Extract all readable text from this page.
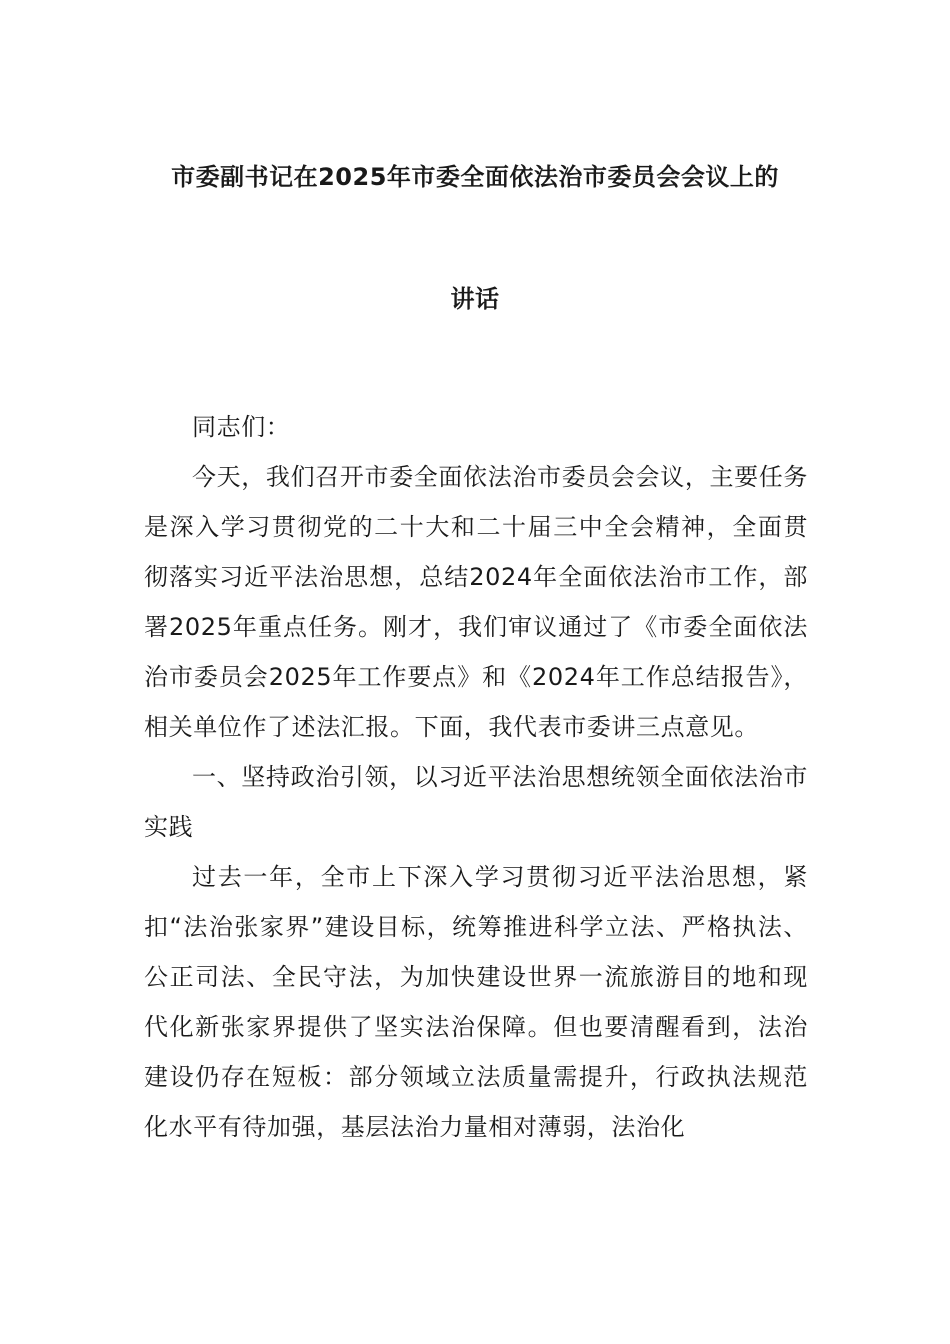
市委副书记在2025年市委全面依法治市委员会会议上的
讲话

同志们：

今天，我们召开市委全面依法治市委员会会议，主要任务是深入学习贯彻党的二十大和二十届三中全会精神，全面贯彻落实习近平法治思想，总结2024年全面依法治市工作，部署2025年重点任务。刚才，我们审议通过了《市委全面依法治市委员会2025年工作要点》和《2024年工作总结报告》，相关单位作了述法汇报。下面，我代表市委讲三点意见。

一、坚持政治引领，以习近平法治思想统领全面依法治市实践

过去一年，全市上下深入学习贯彻习近平法治思想，紧扣“法治张家界”建设目标，统筹推进科学立法、严格执法、公正司法、全民守法，为加快建设世界一流旅游目的地和现代化新张家界提供了坚实法治保障。但也要清醒看到，法治建设仍存在短板：部分领域立法质量需提升，行政执法规范化水平有待加强，基层法治力量相对薄弱，法治化
